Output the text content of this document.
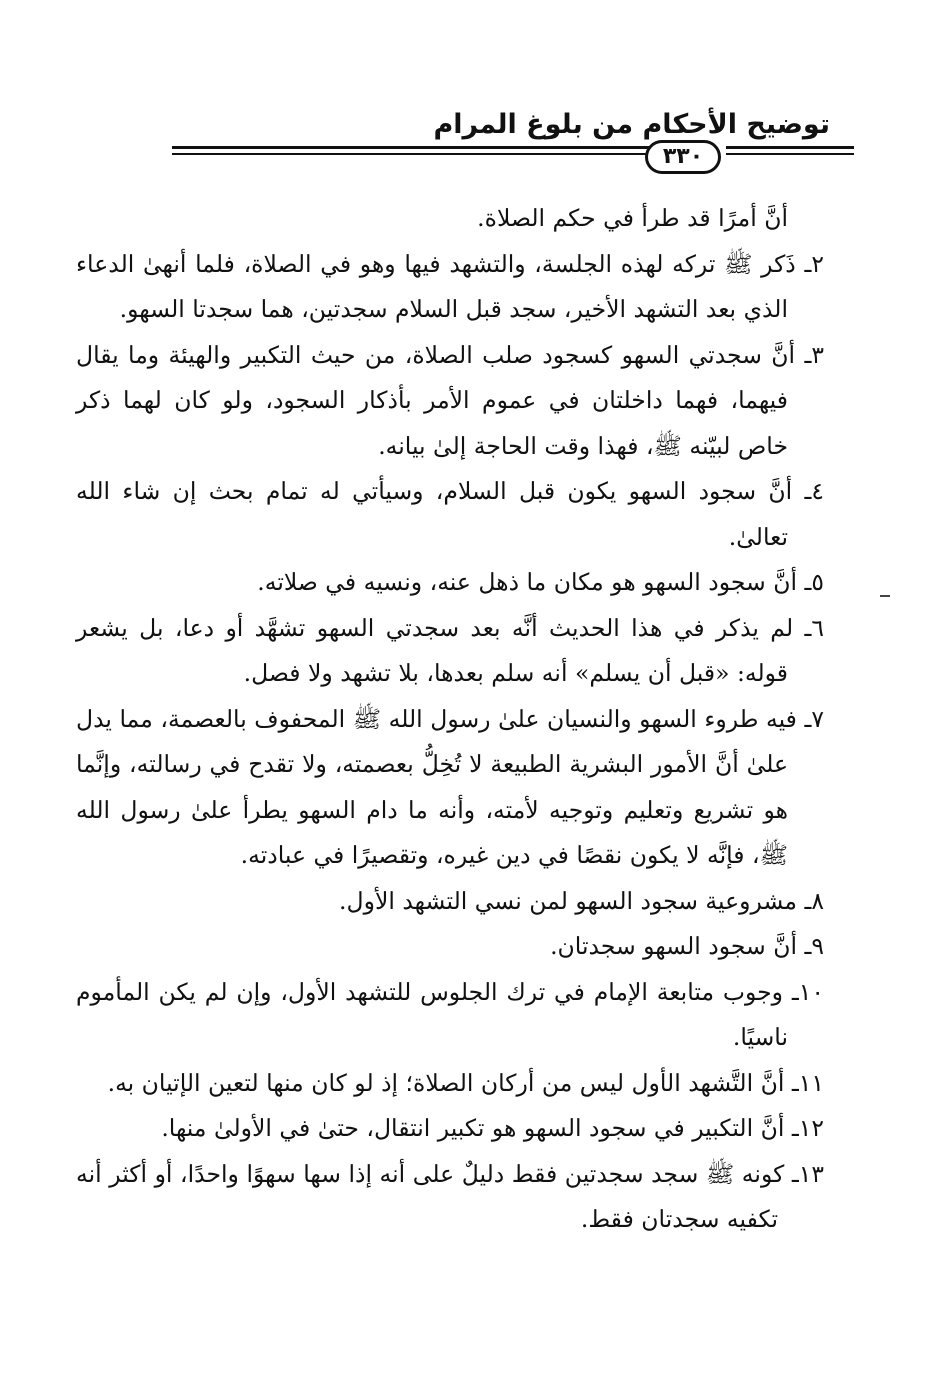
توضيح الأحكام من بلوغ المرام
٣٣٠

أنَّ أمرًا قد طرأ في حكم الصلاة.

٢ـ ذَكر ﷺ تركه لهذه الجلسة، والتشهد فيها وهو في الصلاة، فلما أنهىٰ الدعاء الذي بعد التشهد الأخير، سجد قبل السلام سجدتين، هما سجدتا السهو.

٣ـ أنَّ سجدتي السهو كسجود صلب الصلاة، من حيث التكبير والهيئة وما يقال فيهما، فهما داخلتان في عموم الأمر بأذكار السجود، ولو كان لهما ذكر خاص لبيّنه ﷺ، فهذا وقت الحاجة إلىٰ بيانه.

٤ـ أنَّ سجود السهو يكون قبل السلام، وسيأتي له تمام بحث إن شاء الله تعالىٰ.

٥ـ أنَّ سجود السهو هو مكان ما ذهل عنه، ونسيه في صلاته.

٦ـ لم يذكر في هذا الحديث أنَّه بعد سجدتي السهو تشهَّد أو دعا، بل يشعر قوله: «قبل أن يسلم» أنه سلم بعدها، بلا تشهد ولا فصل.

٧ـ فيه طروء السهو والنسيان علىٰ رسول الله ﷺ المحفوف بالعصمة، مما يدل علىٰ أنَّ الأمور البشرية الطبيعة لا تُخِلُّ بعصمته، ولا تقدح في رسالته، وإنَّما هو تشريع وتعليم وتوجيه لأمته، وأنه ما دام السهو يطرأ علىٰ رسول الله ﷺ، فإنَّه لا يكون نقصًا في دين غيره، وتقصيرًا في عبادته.

٨ـ مشروعية سجود السهو لمن نسي التشهد الأول.

٩ـ أنَّ سجود السهو سجدتان.

١٠ـ وجوب متابعة الإمام في ترك الجلوس للتشهد الأول، وإن لم يكن المأموم ناسيًا.

١١ـ أنَّ التَّشهد الأول ليس من أركان الصلاة؛ إذ لو كان منها لتعين الإتيان به.

١٢ـ أنَّ التكبير في سجود السهو هو تكبير انتقال، حتىٰ في الأولىٰ منها.

١٣ـ كونه ﷺ سجد سجدتين فقط دليلٌ على أنه إذا سها سهوًا واحدًا، أو أكثر أنه تكفيه سجدتان فقط.
